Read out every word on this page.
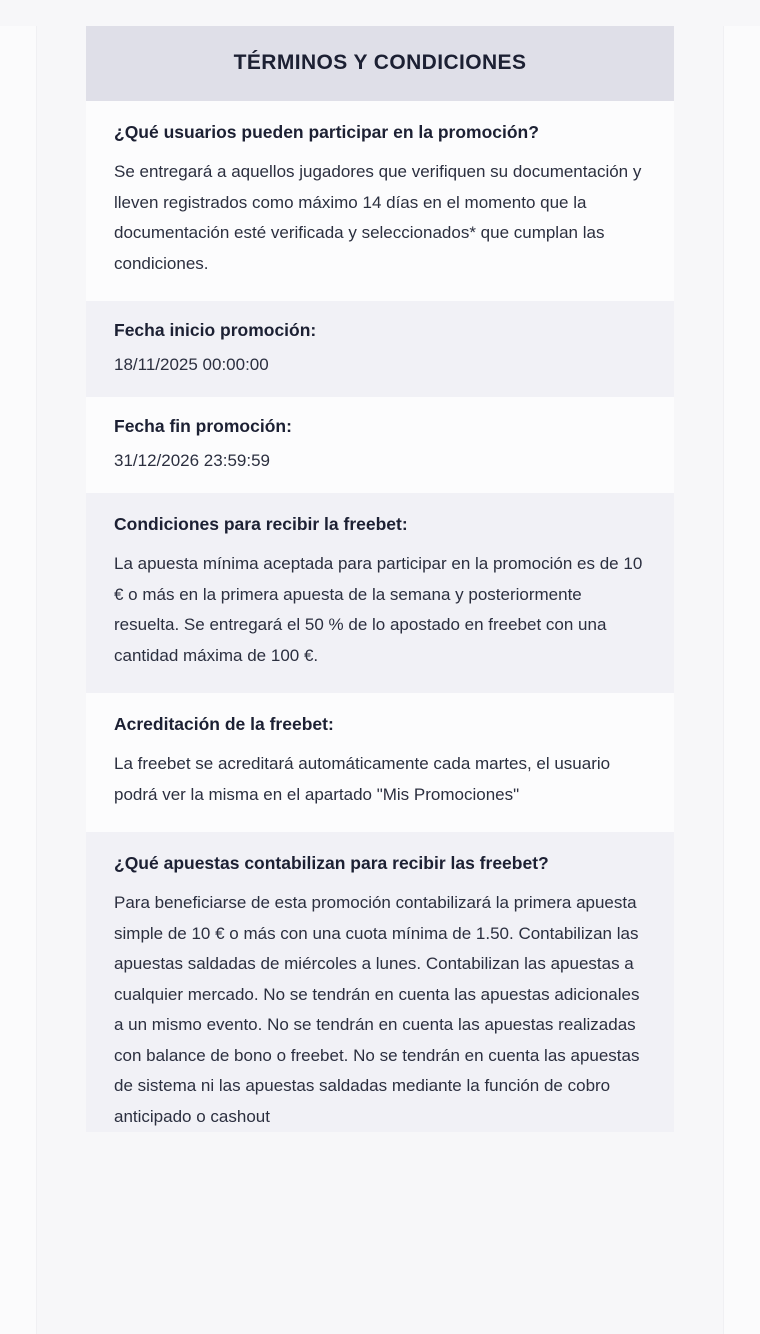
TÉRMINOS Y CONDICIONES
¿Qué usuarios pueden participar en la promoción?

Se entregará a aquellos jugadores que verifiquen su documentación y lleven registrados como máximo 14 días en el momento que la documentación esté verificada y seleccionados* que cumplan las condiciones.

Fecha inicio promoción:

18/11/2025 00:00:00

Fecha fin promoción:

31/12/2026 23:59:59

Condiciones para recibir la freebet:

La apuesta mínima aceptada para participar en la promoción es de 10 € o más en la primera apuesta de la semana y posteriormente resuelta. Se entregará el 50 % de lo apostado en freebet con una cantidad máxima de 100 €.

Acreditación de la freebet:

La freebet se acreditará automáticamente cada martes, el usuario podrá ver la misma en el apartado "Mis Promociones"

¿Qué apuestas contabilizan para recibir las freebet?

Para beneficiarse de esta promoción contabilizará la primera apuesta simple de 10 € o más con una cuota mínima de 1.50. Contabilizan las apuestas saldadas de miércoles a lunes. Contabilizan las apuestas a cualquier mercado. No se tendrán en cuenta las apuestas adicionales a un mismo evento. No se tendrán en cuenta las apuestas realizadas con balance de bono o freebet. No se tendrán en cuenta las apuestas de sistema ni las apuestas saldadas mediante la función de cobro anticipado o cashout
